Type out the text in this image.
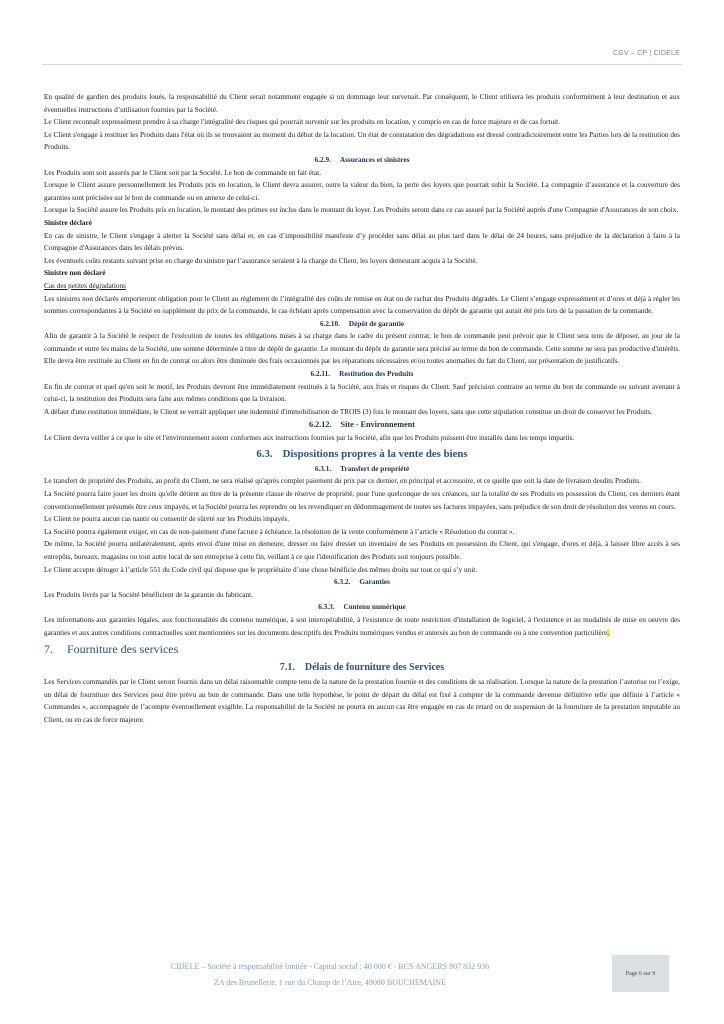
CGV – CP | CIDELE

En qualité de gardien des produits loués, la responsabilité du Client serait notamment engagée si un dommage leur survenait. Par conséquent, le Client utilisera les produits conformément à leur destination et aux éventuelles instructions d’utilisation fournies par la Société.

Le Client reconnaît expressément prendre à sa charge l'intégralité des risques qui pourrait survenir sur les produits en location, y compris en cas de force majeure et de cas fortuit.

Le Client s'engage à restituer les Produits dans l'état où ils se trouvaient au moment du début de la location. Un état de constatation des dégradations est dressé contradictoirement entre les Parties lors de la restitution des Produits.

6.2.9. Assurances et sinistres

Les Produits sont soit assurés par le Client soit par la Société. Le bon de commande en fait état.

Lorsque le Client assure personnellement les Produits pris en location, le Client devra assurer, outre la valeur du bien, la perte des loyers que pourrait subir la Société. La compagnie d’assurance et la couverture des garanties sont précisées sur le bon de commande ou en annexe de celui-ci.

Lorsque la Société assure les Produits pris en location, le montant des primes est inclus dans le montant du loyer. Les Produits seront dans ce cas assuré par la Société auprès d'une Compagnie d'Assurances de son choix.

Sinistre déclaré

En cas de sinistre, le Client s'engage à alerter la Société sans délai et, en cas d’impossibilité manifeste d’y procéder sans délai au plus tard dans le délai de 24 heures, sans préjudice de la déclaration à faire à la Compagnie d'Assurances dans les délais prévus.

Les éventuels coûts restants suivant prise en charge du sinistre par l’assurance seraient à la charge du Client, les loyers demeurant acquis à la Société.

Sinistre non déclaré

Cas des petites dégradations

Les sinistres non déclarés emporteront obligation pour le Client au règlement de l’intégralité des coûts de remise en état ou de rachat des Produits dégradés. Le Client s’engage expressément et d’ores et déjà à régler les sommes correspondantes à la Société en supplément du prix de la commande, le cas échéant après compensation avec la conservation du dépôt de garantie qui aurait été pris lors de la passation de la commande.

6.2.10. Dépôt de garantie

Afin de garantir à la Société le respect de l'exécution de toutes les obligations mises à sa charge dans le cadre du présent contrat, le bon de commande peut prévoir que le Client sera tenu de déposer, au jour de la commande et entre les mains de la Société, une somme déterminée à titre de dépôt de garantie. Le montant du dépôt de garantie sera précisé au terme du bon de commande. Cette somme ne sera pas productive d'intérêts. Elle devra être restituée au Client en fin de contrat ou alors être diminuée des frais occasionnés par les réparations nécessaires et/ou toutes anomalies du fait du Client, sur présentation de justificatifs.

6.2.11. Restitution des Produits

En fin de contrat et quel qu'en soit le motif, les Produits devront être immédiatement restitués à la Société, aux frais et risques du Client. Sauf précision contraire au terme du bon de commande ou suivant avenant à celui-ci, la restitution des Produits sera faite aux mêmes conditions que la livraison.

A défaut d'une restitution immédiate, le Client se verrait appliquer une indemnité d'immobilisation de TROIS (3) fois le montant des loyers, sans que cette stipulation constitue un droit de conserver les Produits.

6.2.12. Site - Environnement

Le Client devra veiller à ce que le site et l'environnement soient conformes aux instructions fournies par la Société, afin que les Produits puissent être installés dans les temps impartis.

6.3. Dispositions propres à la vente des biens
6.3.1. Transfert de propriété

Le transfert de propriété des Produits, au profit du Client, ne sera réalisé qu'après complet paiement du prix par ce dernier, en principal et accessoire, et ce quelle que soit la date de livraison desdits Produits.

La Société pourra faire jouer les droits qu'elle détient au titre de la présente clause de réserve de propriété, pour l'une quelconque de ses créances, sur la totalité de ses Produits en possession du Client, ces derniers étant conventionnellement présumés être ceux impayés, et la Société pourra les reprendre ou les revendiquer en dédommagement de toutes ses factures impayées, sans préjudice de son droit de résolution des ventes en cours.

Le Client ne pourra aucun cas nantir ou consentir de sûreté sur les Produits impayés.

La Société pourra également exiger, en cas de non-paiement d'une facture à échéance, la résolution de la vente conformément à l’article « Résolution du contrat ».

De même, la Société pourra unilatéralement, après envoi d'une mise en demeure, dresser ou faire dresser un inventaire de ses Produits en possession du Client, qui s'engage, d'ores et déjà, à laisser libre accès à ses entrepôts, bureaux, magasins ou tout autre local de son entreprise à cette fin, veillant à ce que l'identification des Produits soit toujours possible.

Le Client accepte déroger à l’article 551 du Code civil qui dispose que le propriétaire d’une chose bénéficie des mêmes droits sur tout ce qui s’y unit.

6.3.2. Garanties

Les Produits livrés par la Société bénéficient de la garantie du fabricant.

6.3.3. Contenu numérique

Les informations aux garanties légales, aux fonctionnalités du contenu numérique, à son interopérabilité, à l'existence de toute restriction d'installation de logiciel, à l'existence et au modalités de mise en oeuvre des garanties et aux autres conditions contractuelles sont mentionnées sur les documents descriptifs des Produits numériques vendus et annexés au bon de commande ou à une convention particulière.

7. Fourniture des services
7.1. Délais de fourniture des Services

Les Services commandés par le Client seront fournis dans un délai raisonnable compte tenu de la nature de la prestation fournie et des conditions de sa réalisation. Lorsque la nature de la prestation l’autorise ou l’exige, un délai de fourniture des Services peut être prévu au bon de commande. Dans une telle hypothèse, le point de départ du délai est fixé à compter de la commande devenue définitive telle que définie à l’article « Commandes », accompagnée de l’acompte éventuellement exigible. La responsabilité de la Société ne pourra en aucun cas être engagée en cas de retard ou de suspension de la fourniture de la prestation imputable au Client, ou en cas de force majeure.

CIDELE – Société à responsabilité limitée - Capital social : 40 000 € - RCS ANGERS 807 832 936
ZA des Brunellerie, 1 rue du Champ de l’Aire, 49080 BOUCHEMAINE
Page 6 sur 9
